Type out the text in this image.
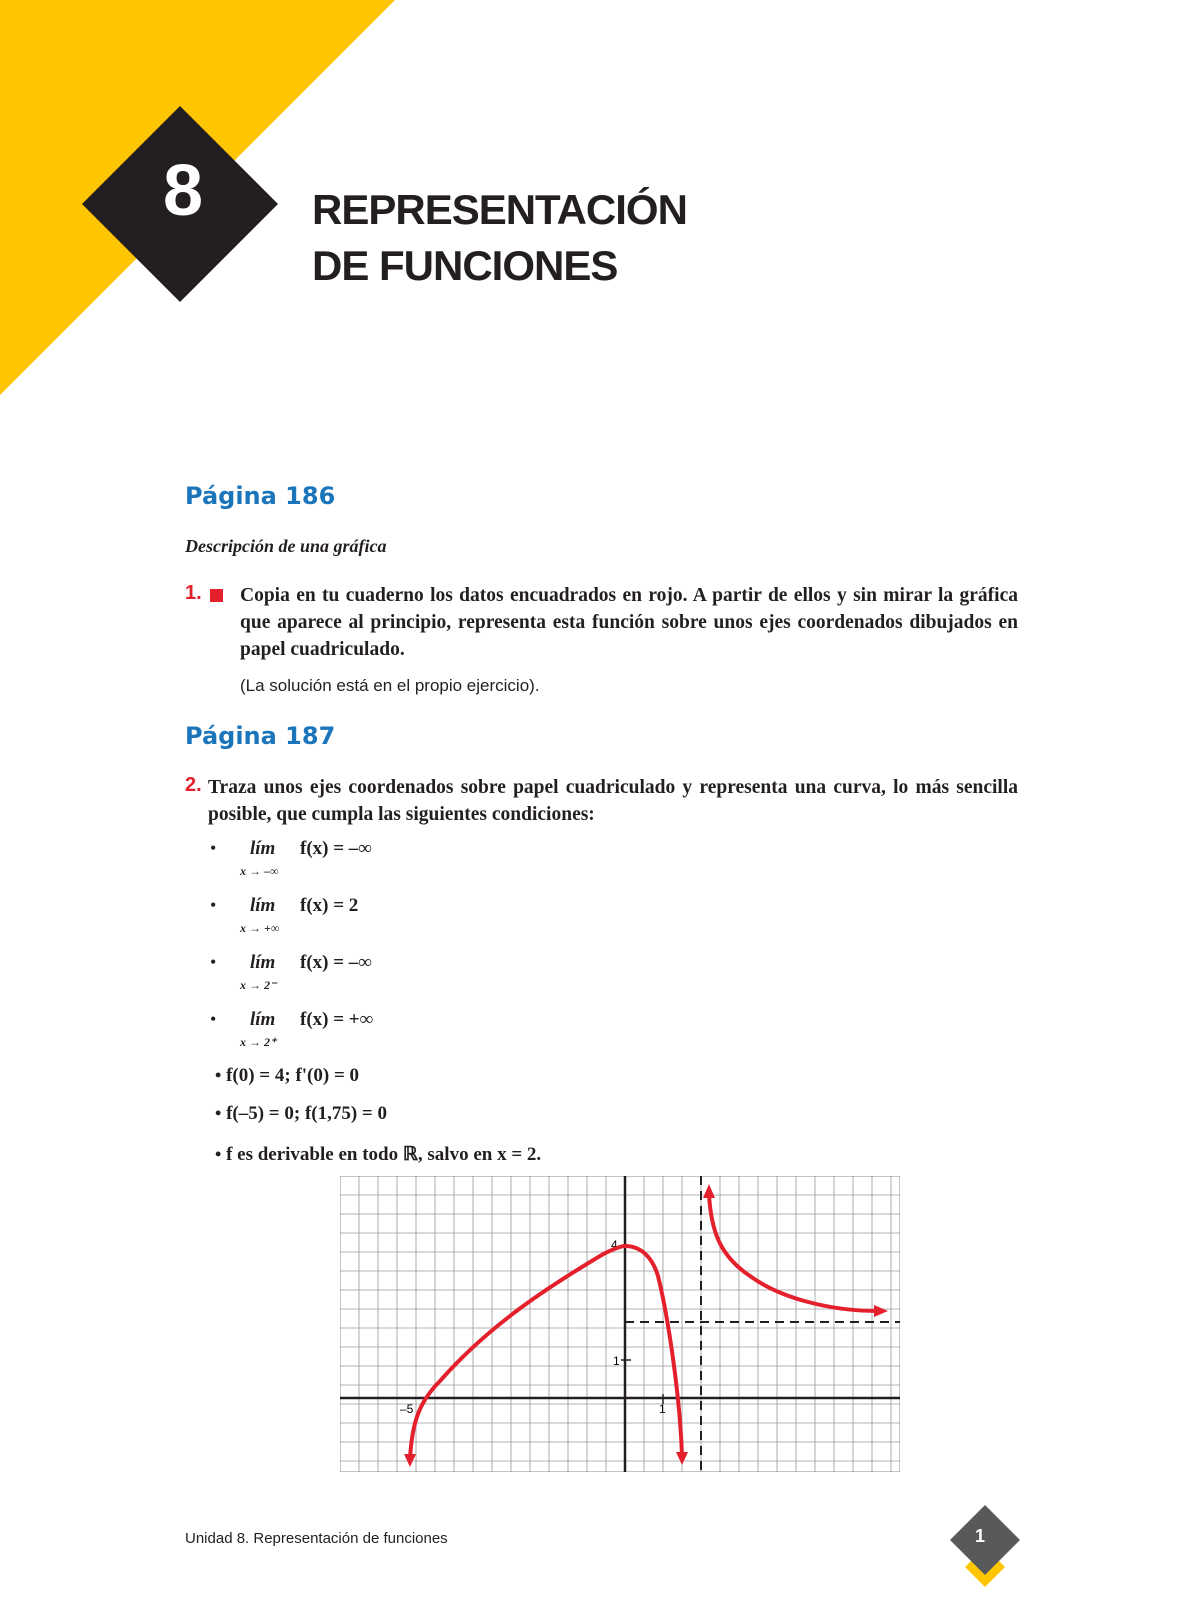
8	REPRESENTACIÓN
DE FUNCIONES
Página 186
Descripción de una gráfica
1. Copia en tu cuaderno los datos encuadrados en rojo. A partir de ellos y sin mirar la gráfica que aparece al principio, representa esta función sobre unos ejes coordenados dibujados en papel cuadriculado.
(La solución está en el propio ejercicio).
Página 187
2. Traza unos ejes coordenados sobre papel cuadriculado y representa una curva, lo más sencilla posible, que cumpla las siguientes condiciones:
• lím
x → –∞
f(x) = –∞
• lím
x → +∞
f(x) = 2
• lím
x → 2⁻
f(x) = –∞
• lím
x → 2⁺
f(x) = +∞
• f(0) = 4; f'(0) = 0
• f(–5) = 0; f(1,75) = 0
• f es derivable en todo ℝ, salvo en x = 2.
4
1
–5	1
Unidad 8. Representación de funciones	1
